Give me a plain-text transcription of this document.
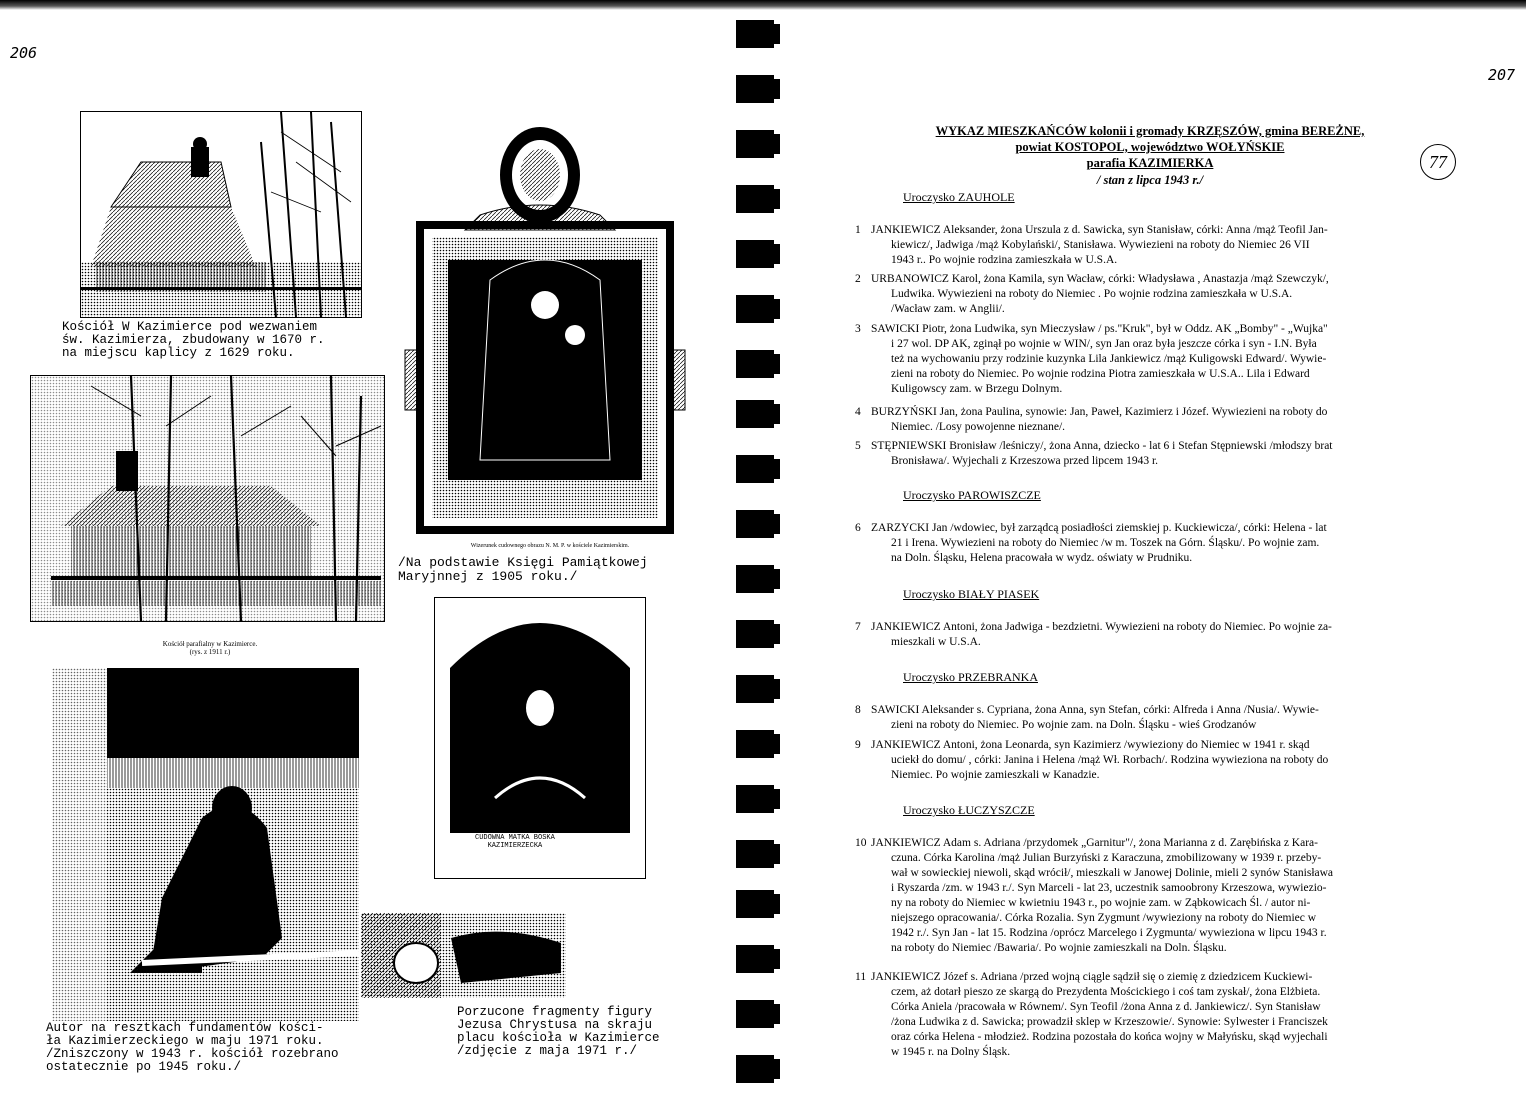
206
Kościół W Kazimierce pod wezwaniem
św. Kazimierza, zbudowany w 1670 r.
na miejscu kaplicy z 1629 roku.
Kościół parafialny w Kazimierce.
(rys. z 1911 r.)
Wizerunek cudownego obrazu N. M. P. w kościele Kazimierskim.
/Na podstawie Księgi Pamiątkowej
Maryjnnej z 1905 roku./
CUDOWNA MATKA BOSKA
KAZIMIERZECKA
Autor na resztkach fundamentów kości-
ła Kazimierzeckiego w maju 1971 roku.
/Zniszczony w 1943 r. kościół rozebrano
ostatecznie po 1945 roku./
Porzucone fragmenty figury
Jezusa Chrystusa na skraju
placu kościoła w Kazimierce
/zdjęcie z maja 1971 r./
207
77
WYKAZ MIESZKAŃCÓW kolonii i gromady KRZĘSZÓW, gmina BEREŻNE,
powiat KOSTOPOL, województwo WOŁYŃSKIE
parafia KAZIMIERKA
/ stan z lipca 1943 r./
Uroczysko ZAUHOLE
1 JANKIEWICZ Aleksander, żona Urszula z d. Sawicka, syn Stanisław, córki: Anna /mąż Teofil Jan-
kiewicz/, Jadwiga /mąż Kobylański/, Stanisława. Wywiezieni na roboty do Niemiec 26 VII
1943 r.. Po wojnie rodzina zamieszkała w U.S.A.
2 URBANOWICZ Karol, żona Kamila, syn Wacław, córki: Władysława , Anastazja /mąż Szewczyk/,
Ludwika. Wywiezieni na roboty do Niemiec . Po wojnie rodzina zamieszkała w U.S.A.
/Wacław zam. w Anglii/.
3 SAWICKI Piotr, żona Ludwika, syn Mieczysław / ps."Kruk", był w Oddz. AK „Bomby" - „Wujka"
i 27 wol. DP AK, zginął po wojnie w WIN/, syn Jan oraz była jeszcze córka i syn - I.N. Była
też na wychowaniu przy rodzinie kuzynka Lila Jankiewicz /mąż Kuligowski Edward/. Wywie-
zieni na roboty do Niemiec. Po wojnie rodzina Piotra zamieszkała w U.S.A.. Lila i Edward
Kuligowscy zam. w Brzegu Dolnym.
4 BURZYŃSKI Jan, żona Paulina, synowie: Jan, Paweł, Kazimierz i Józef. Wywiezieni na roboty do
Niemiec. /Losy powojenne nieznane/.
5 STĘPNIEWSKI Bronisław /leśniczy/, żona Anna, dziecko - lat 6 i Stefan Stępniewski /młodszy brat
Bronisława/. Wyjechali z Krzeszowa przed lipcem 1943 r.
Uroczysko PAROWISZCZE
6 ZARZYCKI Jan /wdowiec, był zarządcą posiadłości ziemskiej p. Kuckiewicza/, córki: Helena - lat
21 i Irena. Wywiezieni na roboty do Niemiec /w m. Toszek na Górn. Śląsku/. Po wojnie zam.
na Doln. Śląsku, Helena pracowała w wydz. oświaty w Prudniku.
Uroczysko BIAŁY PIASEK
7 JANKIEWICZ Antoni, żona Jadwiga - bezdzietni. Wywiezieni na roboty do Niemiec. Po wojnie za-
mieszkali w U.S.A.
Uroczysko PRZEBRANKA
8 SAWICKI Aleksander s. Cypriana, żona Anna, syn Stefan, córki: Alfreda i Anna /Nusia/. Wywie-
zieni na roboty do Niemiec. Po wojnie zam. na Doln. Śląsku - wieś Grodzanów
9 JANKIEWICZ Antoni, żona Leonarda, syn Kazimierz /wywieziony do Niemiec w 1941 r. skąd
uciekł do domu/ , córki: Janina i Helena /mąż Wł. Rorbach/. Rodzina wywieziona na roboty do
Niemiec. Po wojnie zamieszkali w Kanadzie.
Uroczysko ŁUCZYSZCZE
10 JANKIEWICZ Adam s. Adriana /przydomek „Garnitur"/, żona Marianna z d. Zarębińska z Kara-
czuna. Córka Karolina /mąż Julian Burzyński z Karaczuna, zmobilizowany w 1939 r. przeby-
wał w sowieckiej niewoli, skąd wrócił/, mieszkali w Janowej Dolinie, mieli 2 synów Stanisława
i Ryszarda /zm. w 1943 r./. Syn Marceli - lat 23, uczestnik samoobrony Krzeszowa, wywiezio-
ny na roboty do Niemiec w kwietniu 1943 r., po wojnie zam. w Ząbkowicach Śl. / autor ni-
niejszego opracowania/. Córka Rozalia. Syn Zygmunt /wywieziony na roboty do Niemiec w
1942 r./. Syn Jan - lat 15. Rodzina /oprócz Marcelego i Zygmunta/ wywieziona w lipcu 1943 r.
na roboty do Niemiec /Bawaria/. Po wojnie zamieszkali na Doln. Śląsku.
11 JANKIEWICZ Józef s. Adriana /przed wojną ciągle sądził się o ziemię z dziedzicem Kuckiewi-
czem, aż dotarł pieszo ze skargą do Prezydenta Mościckiego i coś tam zyskał/, żona Elżbieta.
Córka Aniela /pracowała w Równem/. Syn Teofil /żona Anna z d. Jankiewicz/. Syn Stanisław
/żona Ludwika z d. Sawicka; prowadził sklep w Krzeszowie/. Synowie: Sylwester i Franciszek
oraz córka Helena - młodzież. Rodzina pozostała do końca wojny w Małyńsku, skąd wyjechali
w 1945 r. na Dolny Śląsk.
